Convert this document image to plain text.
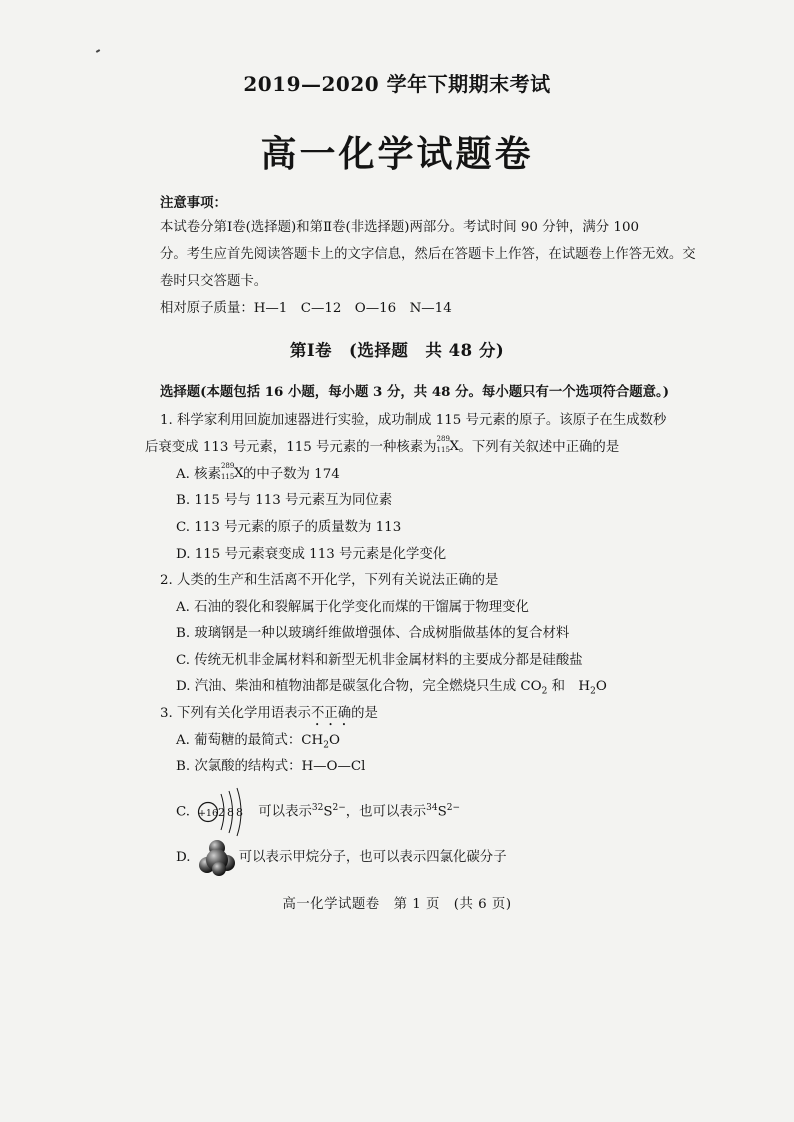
2019—2020 学年下期期末考试
高一化学试题卷
注意事项：
本试卷分第Ⅰ卷(选择题)和第Ⅱ卷(非选择题)两部分。考试时间 90 分钟，满分 100
分。考生应首先阅读答题卡上的文字信息，然后在答题卡上作答，在试题卷上作答无效。交
卷时只交答题卡。
相对原子质量：H—1　C—12　O—16　N—14
第Ⅰ卷　(选择题　共 48 分)
选择题(本题包括 16 小题，每小题 3 分，共 48 分。每小题只有一个选项符合题意。)
1. 科学家利用回旋加速器进行实验，成功制成 115 号元素的原子。该原子在生成数秒
后衰变成 113 号元素，115 号元素的一种核素为
289
115 X 。下列有关叙述中正确的是
A. 核素
289
115 X 的中子数为 174
B. 115 号与 113 号元素互为同位素
C. 113 号元素的原子的质量数为 113
D. 115 号元素衰变成 113 号元素是化学变化
2. 人类的生产和生活离不开化学，下列有关说法正确的是
A. 石油的裂化和裂解属于化学变化而煤的干馏属于物理变化
B. 玻璃钢是一种以玻璃纤维做增强体、合成树脂做基体的复合材料
C. 传统无机非金属材料和新型无机非金属材料的主要成分都是硅酸盐
D. 汽油、柴油和植物油都是碳氢化合物，完全燃烧只生成 $CO_2$ 和　$H_2O$
3. 下列有关化学用语表示不正确的是
A. 葡萄糖的最简式：$CH_2O$
B. 次氯酸的结构式：H—O—Cl
C. +16 288 可以表示$^{32}S^{2-}$，也可以表示$^{34}S^{2-}$
D.	可以表示甲烷分子，也可以表示四氯化碳分子
高一化学试题卷　第 1 页　(共 6 页)
